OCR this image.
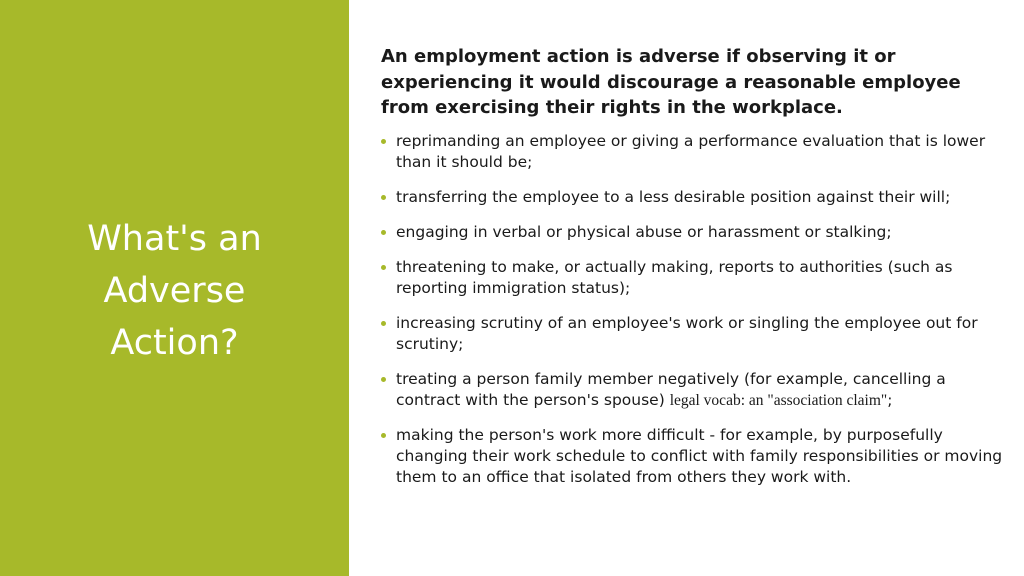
What's an Adverse Action?

An employment action is adverse if observing it or experiencing it would discourage a reasonable employee from exercising their rights in the workplace.

reprimanding an employee or giving a performance evaluation that is lower than it should be;
transferring the employee to a less desirable position against their will;
engaging in verbal or physical abuse or harassment or stalking;
threatening to make, or actually making, reports to authorities (such as reporting immigration status);
increasing scrutiny of an employee's work or singling the employee out for scrutiny;
treating a person family member negatively (for example, cancelling a contract with the person's spouse) legal vocab: an "association claim";
making the person's work more difficult - for example, by purposefully changing their work schedule to conflict with family responsibilities or moving them to an office that isolated from others they work with.
